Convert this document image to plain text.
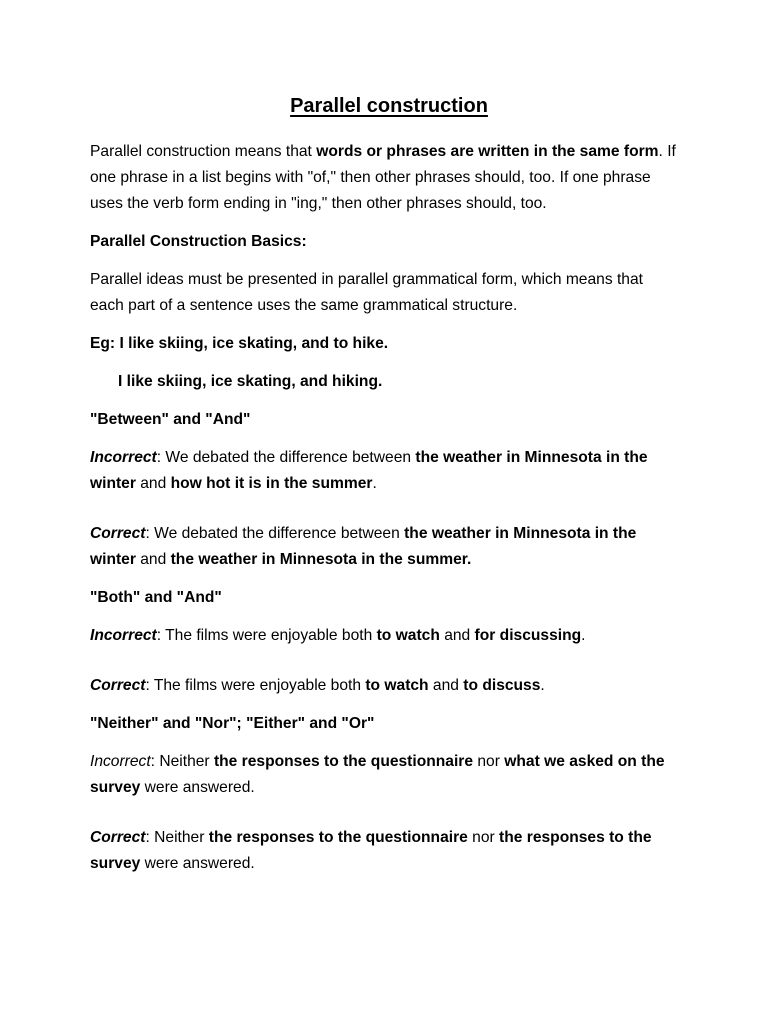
Parallel construction

Parallel construction means that words or phrases are written in the same form. If one phrase in a list begins with "of," then other phrases should, too. If one phrase uses the verb form ending in "ing," then other phrases should, too.

Parallel Construction Basics:

Parallel ideas must be presented in parallel grammatical form, which means that each part of a sentence uses the same grammatical structure.

Eg: I like skiing, ice skating, and to hike.

I like skiing, ice skating, and hiking.

"Between" and "And"

Incorrect: We debated the difference between the weather in Minnesota in the winter and how hot it is in the summer.

Correct: We debated the difference between the weather in Minnesota in the winter and the weather in Minnesota in the summer.

"Both" and "And"

Incorrect: The films were enjoyable both to watch and for discussing.

Correct: The films were enjoyable both to watch and to discuss.

"Neither" and "Nor"; "Either" and "Or"

Incorrect: Neither the responses to the questionnaire nor what we asked on the survey were answered.

Correct: Neither the responses to the questionnaire nor the responses to the survey were answered.
